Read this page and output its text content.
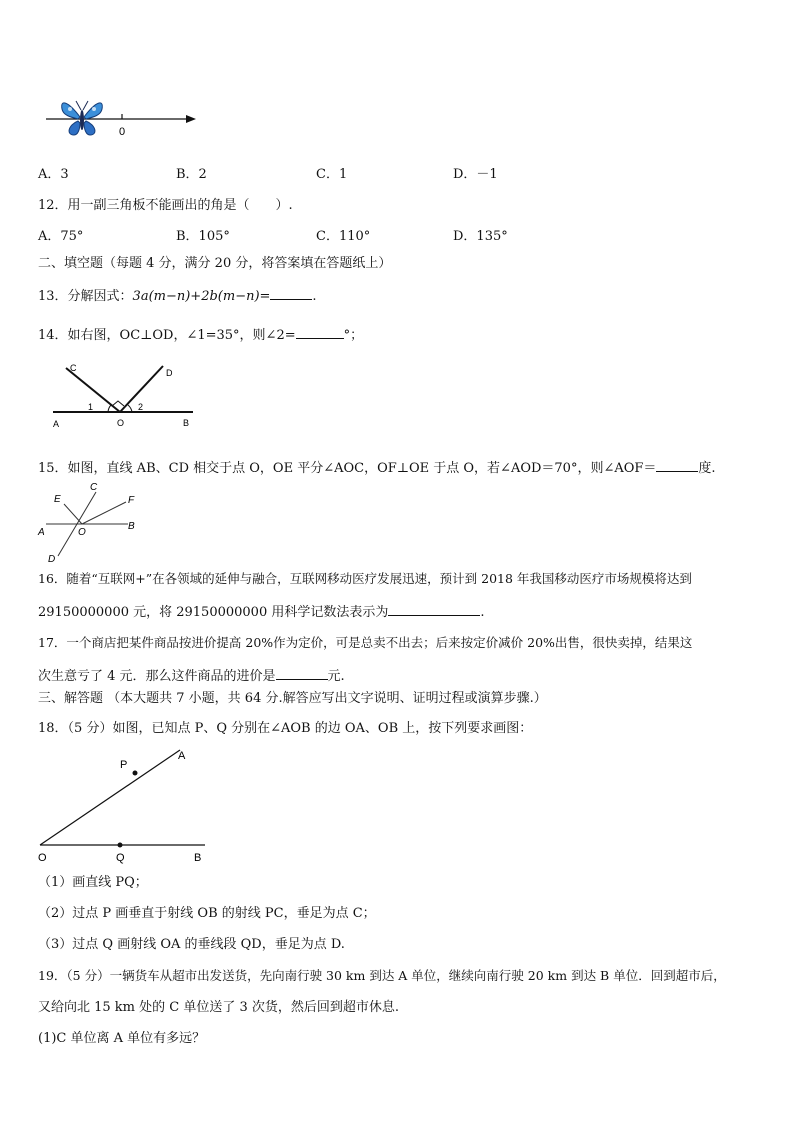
0
A．3	B．2	C．1	D．－1
12．用一副三角板不能画出的角是（　　）.
A．75°	B．105°	C．110°	D．135°
二、填空题（每题 4 分，满分 20 分，将答案填在答题纸上）
13．分解因式：3a(m−n)+2b(m−n)=	.
14．如右图，OC⊥OD，∠1=35°，则∠2=	°；
C	D
1	2
A	O	B
15．如图，直线 AB、CD 相交于点 O，OE 平分∠AOC，OF⊥OE 于点 O，若∠AOD＝70°，则∠AOF＝	度.
E
C
F
A	O
B
D
16．随着“互联网+”在各领域的延伸与融合，互联网移动医疗发展迅速，预计到 2018 年我国移动医疗市场规模将达到
29150000000 元，将 29150000000 用科学记数法表示为	.
17．一个商店把某件商品按进价提高 20%作为定价，可是总卖不出去；后来按定价减价 20%出售，很快卖掉，结果这
次生意亏了 4 元．那么这件商品的进价是	元.
三、解答题 （本大题共 7 小题，共 64 分.解答应写出文字说明、证明过程或演算步骤.）
18．（5 分）如图，已知点 P、Q 分别在∠AOB 的边 OA、OB 上，按下列要求画图：
P
A
O	Q	B
（1）画直线 PQ；
（2）过点 P 画垂直于射线 OB 的射线 PC，垂足为点 C；
（3）过点 Q 画射线 OA 的垂线段 QD，垂足为点 D.
19．（5 分）一辆货车从超市出发送货，先向南行驶 30 km 到达 A 单位，继续向南行驶 20 km 到达 B 单位．回到超市后，
又给向北 15 km 处的 C 单位送了 3 次货，然后回到超市休息.
(1)C 单位离 A 单位有多远？
